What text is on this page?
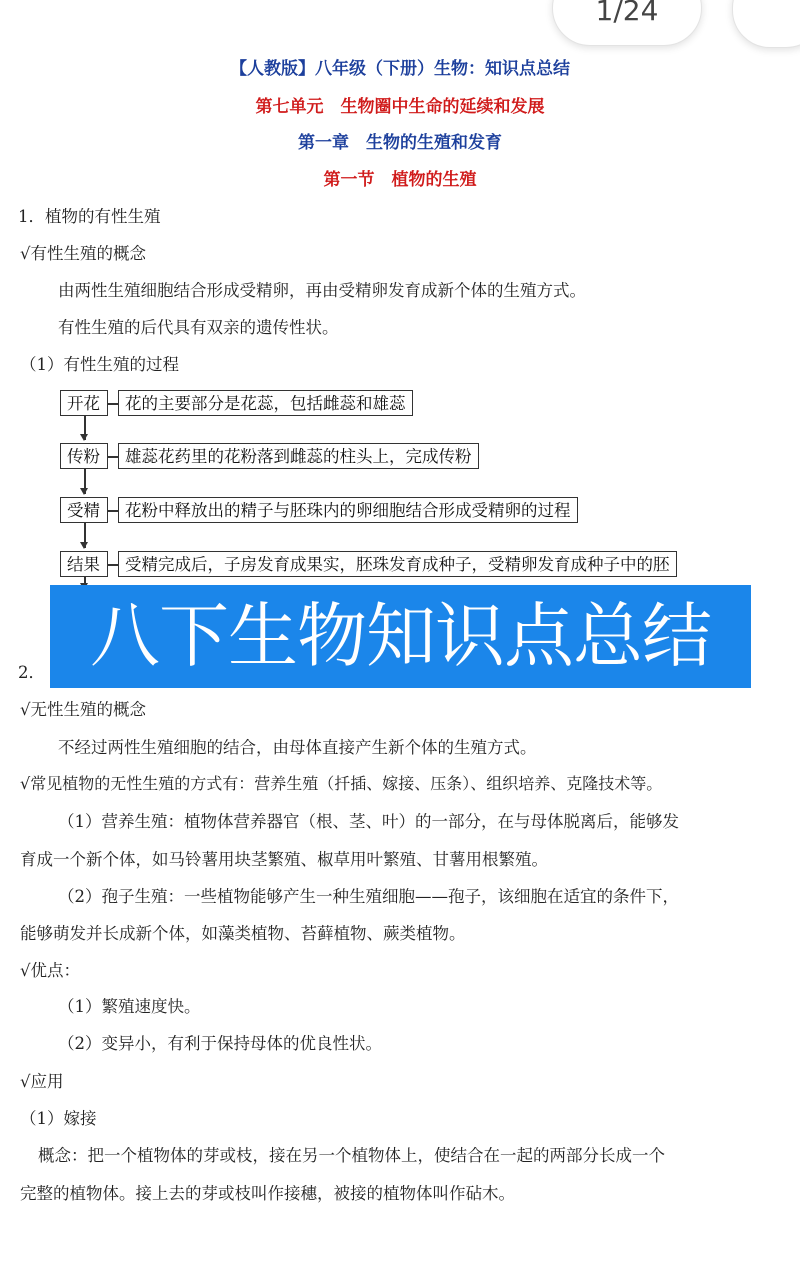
1/24
【人教版】八年级（下册）生物：知识点总结
第七单元　生物圈中生命的延续和发展
第一章　生物的生殖和发育
第一节　植物的生殖
1．植物的有性生殖
√有性生殖的概念
由两性生殖细胞结合形成受精卵，再由受精卵发育成新个体的生殖方式。
有性生殖的后代具有双亲的遗传性状。
（1）有性生殖的过程
开花	花的主要部分是花蕊，包括雌蕊和雄蕊
传粉	雄蕊花药里的花粉落到雌蕊的柱头上，完成传粉
受精	花粉中释放出的精子与胚珠内的卵细胞结合形成受精卵的过程
结果	受精完成后，子房发育成果实，胚珠发育成种子，受精卵发育成种子中的胚
2． 八下生物知识点总结
√无性生殖的概念
不经过两性生殖细胞的结合，由母体直接产生新个体的生殖方式。
√常见植物的无性生殖的方式有：营养生殖（扦插、嫁接、压条）、组织培养、克隆技术等。
（1）营养生殖：植物体营养器官（根、茎、叶）的一部分，在与母体脱离后，能够发
育成一个新个体，如马铃薯用块茎繁殖、椒草用叶繁殖、甘薯用根繁殖。
（2）孢子生殖：一些植物能够产生一种生殖细胞——孢子，该细胞在适宜的条件下，
能够萌发并长成新个体，如藻类植物、苔藓植物、蕨类植物。
√优点：
（1）繁殖速度快。
（2）变异小，有利于保持母体的优良性状。
√应用
（1）嫁接
概念：把一个植物体的芽或枝，接在另一个植物体上，使结合在一起的两部分长成一个
完整的植物体。接上去的芽或枝叫作接穗，被接的植物体叫作砧木。
